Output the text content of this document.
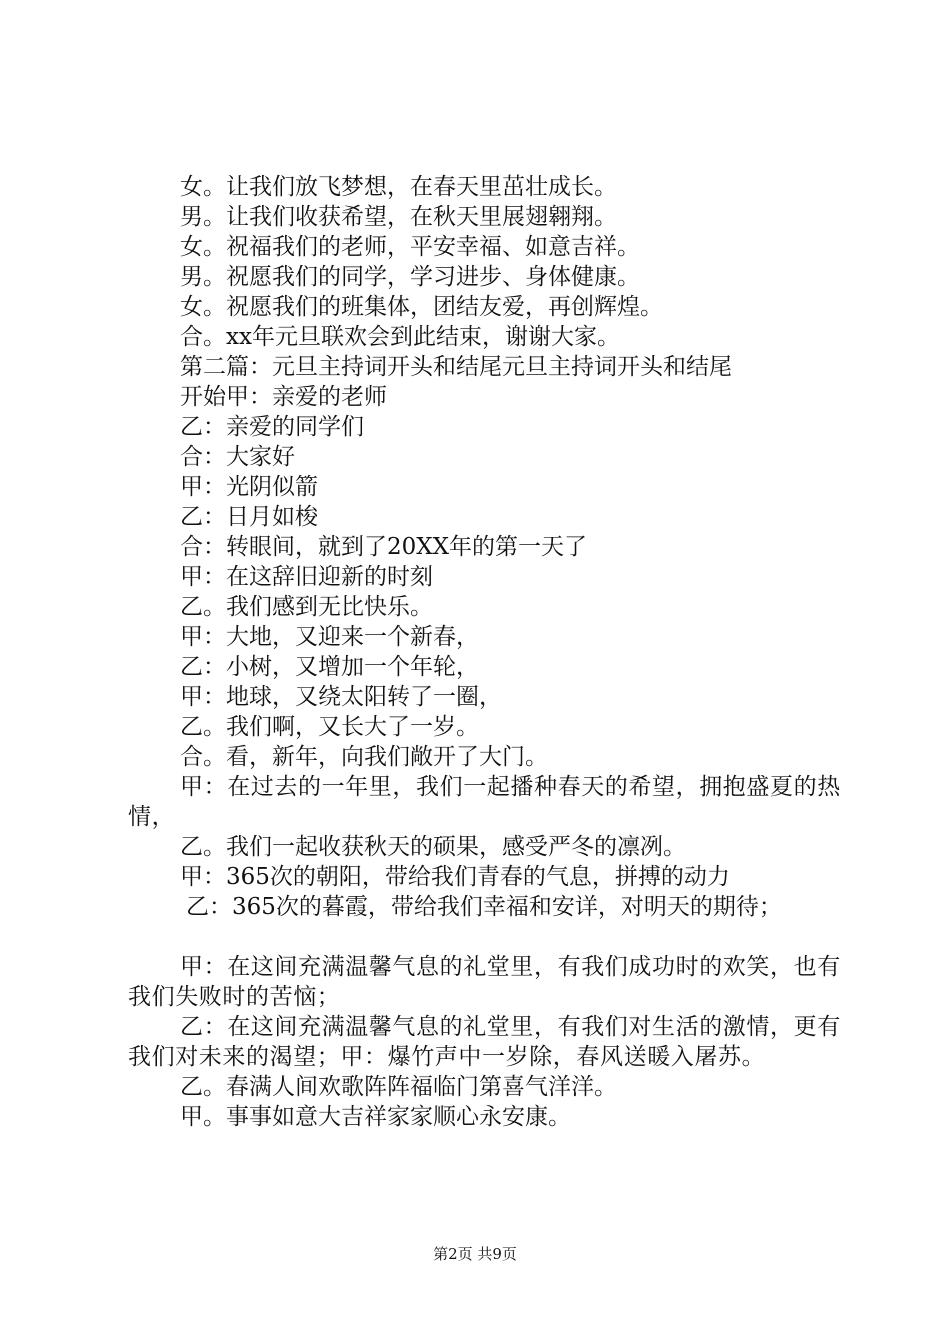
女。让我们放飞梦想，在春天里茁壮成长。
男。让我们收获希望，在秋天里展翅翱翔。
女。祝福我们的老师，平安幸福、如意吉祥。
男。祝愿我们的同学，学习进步、身体健康。
女。祝愿我们的班集体，团结友爱，再创辉煌。
合。xx年元旦联欢会到此结束，谢谢大家。
第二篇：元旦主持词开头和结尾元旦主持词开头和结尾
开始甲：亲爱的老师
乙：亲爱的同学们
合：大家好
甲：光阴似箭
乙：日月如梭
合：转眼间，就到了20XX年的第一天了
甲：在这辞旧迎新的时刻
乙。我们感到无比快乐。
甲：大地，又迎来一个新春，
乙：小树，又增加一个年轮，
甲：地球，又绕太阳转了一圈，
乙。我们啊，又长大了一岁。
合。看，新年，向我们敞开了大门。
甲：在过去的一年里，我们一起播种春天的希望，拥抱盛夏的热情，
乙。我们一起收获秋天的硕果，感受严冬的凛冽。
甲：365次的朝阳，带给我们青春的气息，拼搏的动力
乙：365次的暮霞，带给我们幸福和安详，对明天的期待；
甲：在这间充满温馨气息的礼堂里，有我们成功时的欢笑，也有我们失败时的苦恼；
乙：在这间充满温馨气息的礼堂里，有我们对生活的激情，更有我们对未来的渴望；甲：爆竹声中一岁除，春风送暖入屠苏。
乙。春满人间欢歌阵阵福临门第喜气洋洋。
甲。事事如意大吉祥家家顺心永安康。
第2页 共9页
